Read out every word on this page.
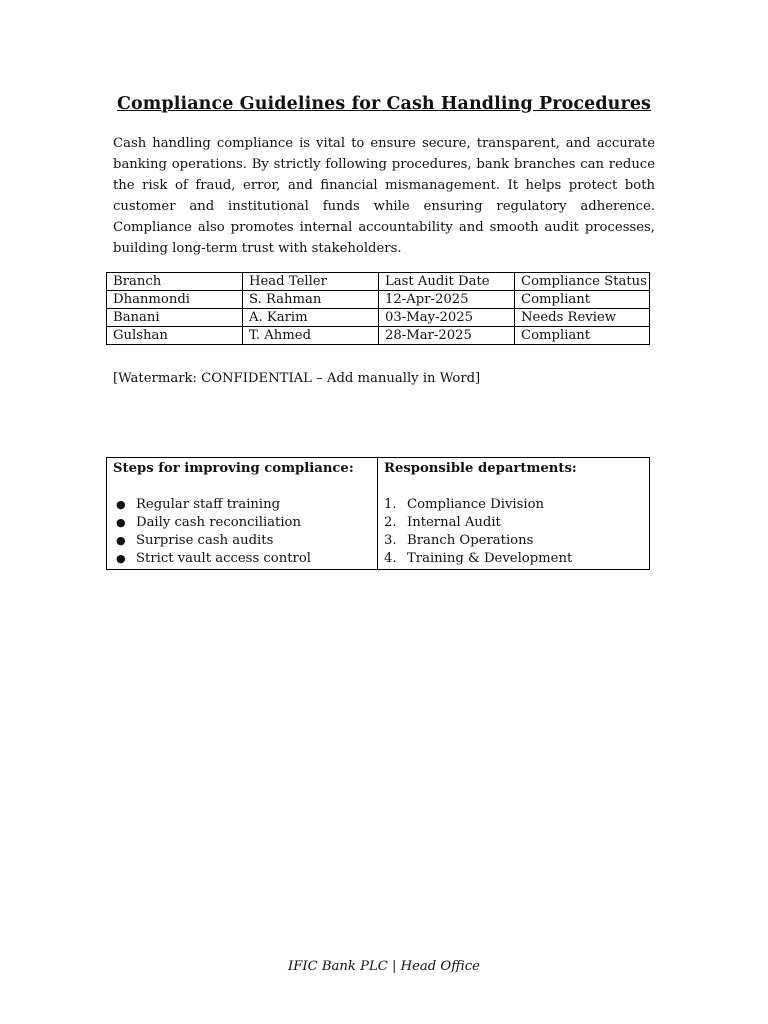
Compliance Guidelines for Cash Handling Procedures

Cash handling compliance is vital to ensure secure, transparent, and accurate banking operations. By strictly following procedures, bank branches can reduce the risk of fraud, error, and financial mismanagement. It helps protect both customer and institutional funds while ensuring regulatory adherence. Compliance also promotes internal accountability and smooth audit processes, building long-term trust with stakeholders.

Branch	Head Teller	Last Audit Date	Compliance Status
Dhanmondi	S. Rahman	12-Apr-2025	Compliant
Banani	A. Karim	03-May-2025	Needs Review
Gulshan	T. Ahmed	28-Mar-2025	Compliant
[Watermark: CONFIDENTIAL – Add manually in Word]
Steps for improving compliance:
● Regular staff training
● Daily cash reconciliation
● Surprise cash audits
● Strict vault access control

Responsible departments:
1. Compliance Division
2. Internal Audit
3. Branch Operations
4. Training & Development
IFIC Bank PLC | Head Office
